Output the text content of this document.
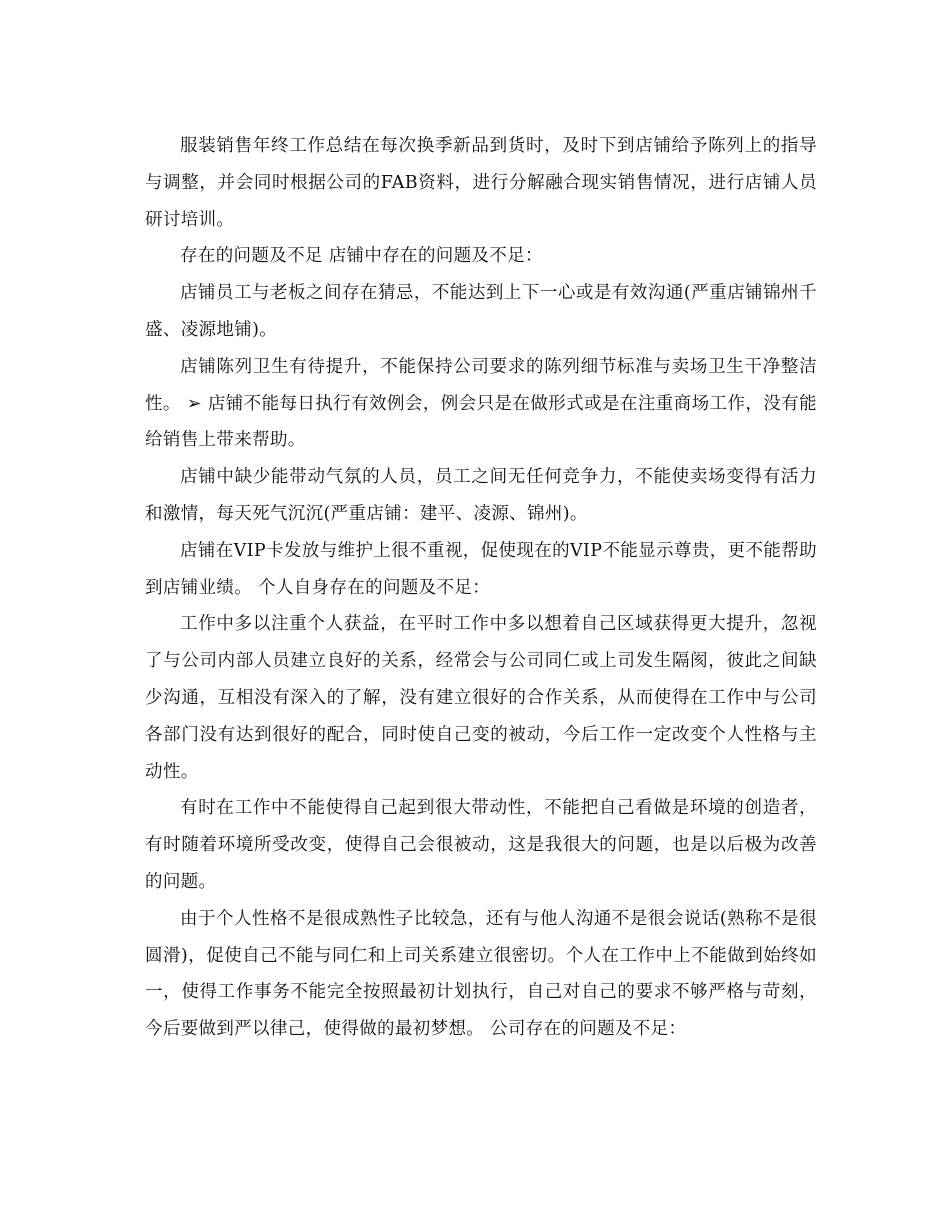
服装销售年终工作总结在每次换季新品到货时，及时下到店铺给予陈列上的指导与调整，并会同时根据公司的FAB资料，进行分解融合现实销售情况，进行店铺人员研讨培训。

存在的问题及不足 店铺中存在的问题及不足：

店铺员工与老板之间存在猜忌，不能达到上下一心或是有效沟通(严重店铺锦州千盛、凌源地铺)。

店铺陈列卫生有待提升，不能保持公司要求的陈列细节标准与卖场卫生干净整洁性。 ➢ 店铺不能每日执行有效例会，例会只是在做形式或是在注重商场工作，没有能给销售上带来帮助。

店铺中缺少能带动气氛的人员，员工之间无任何竞争力，不能使卖场变得有活力和激情，每天死气沉沉(严重店铺：建平、凌源、锦州)。

店铺在VIP卡发放与维护上很不重视，促使现在的VIP不能显示尊贵，更不能帮助到店铺业绩。 个人自身存在的问题及不足：

工作中多以注重个人获益，在平时工作中多以想着自己区域获得更大提升，忽视了与公司内部人员建立良好的关系，经常会与公司同仁或上司发生隔阂，彼此之间缺少沟通，互相没有深入的了解，没有建立很好的合作关系，从而使得在工作中与公司各部门没有达到很好的配合，同时使自己变的被动，今后工作一定改变个人性格与主动性。

有时在工作中不能使得自己起到很大带动性，不能把自己看做是环境的创造者，有时随着环境所受改变，使得自己会很被动，这是我很大的问题，也是以后极为改善的问题。

由于个人性格不是很成熟性子比较急，还有与他人沟通不是很会说话(熟称不是很圆滑)，促使自己不能与同仁和上司关系建立很密切。个人在工作中上不能做到始终如一，使得工作事务不能完全按照最初计划执行，自己对自己的要求不够严格与苛刻，今后要做到严以律己，使得做的最初梦想。 公司存在的问题及不足：
